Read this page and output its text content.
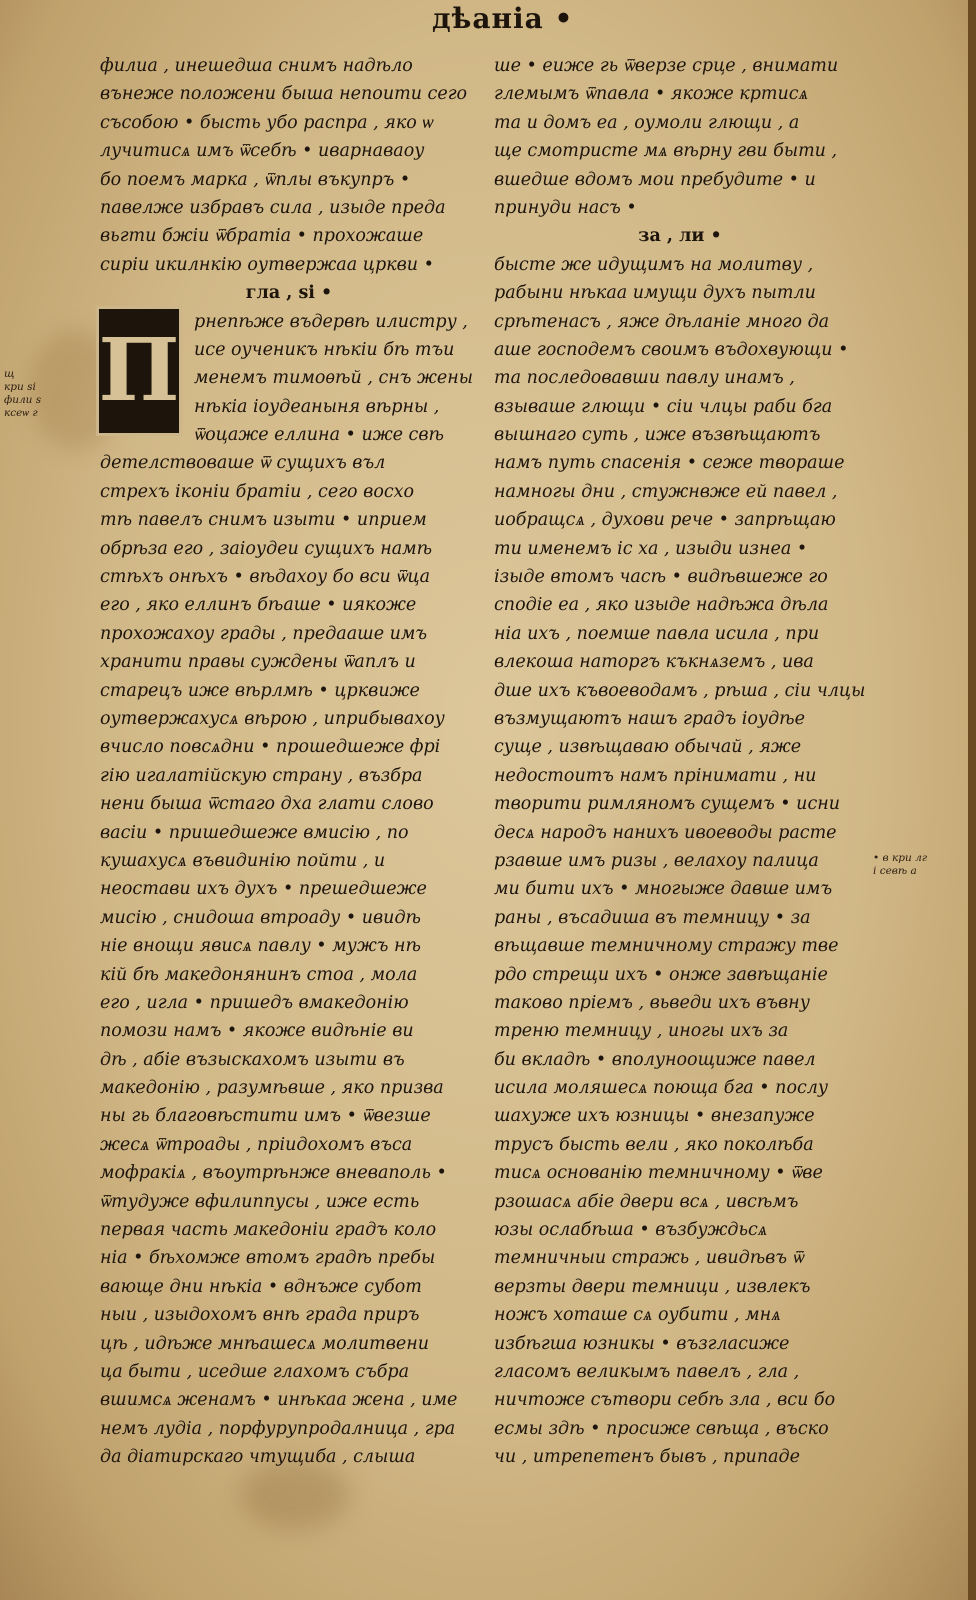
дѣаніа •
щ
кри ѕі
фили ѕ
ксеѡ г
• в кри лг
і севѣ а
П
филиа , инешедша снимъ надѣло
вънеже положени быша непоити сего
съсобою • бысть убо распра , яко ѡ
лучитисѧ имъ ѿсебѣ • иварнаваоу
бо поемъ марка , ѿплы въкупръ •
павелже избравъ сила , изыде преда
вьгти бжіи ѿбратіа • прохожаше
сиріи икилнкію оутвержаа цркви •
гла , ѕі •
рнепѣже въдервѣ илистру ,
исе оученикъ нѣкіи бѣ тъи
менемъ тимоѳѣй , снъ жены
нѣкіа іоудеаныня вѣрны ,
ѿоцаже еллина • иже свѣ
детелствоваше ѿ сущихъ въл
стрехъ іконіи братіи , сего восхо
тѣ павелъ снимъ изыти • иприем
обрѣза его , заіоудеи сущихъ намѣ
стѣхъ онѣхъ • вѣдахоу бо вси ѿца
его , яко еллинъ бѣаше • иякоже
прохожахоу грады , предааше имъ
хранити правы суждены ѿаплъ и
старецъ иже вѣрлмѣ • црквиже
оутвержахусѧ вѣрою , иприбывахоу
вчисло повсѧдни • прошедшеже фрі
гію игалатійскую страну , възбра
нени быша ѿстаго дха глати слово
васіи • пришедшеже вмисію , по
кушахусѧ въвидинію пойти , и
неостави ихъ духъ • прешедшеже
мисію , снидоша втроаду • ивидѣ
ніе внощи явисѧ павлу • мужъ нѣ
кій бѣ македонянинъ стоа , мола
его , игла • пришедъ вмакедонію
помози намъ • якоже видѣніе ви
дѣ , абіе възыскахомъ изыти въ
македонію , разумѣвше , яко призва
ны гь благовѣстити имъ • ѿвезше
жесѧ ѿтроады , пріидохомъ въса
мофракіѧ , въоутрѣнже вневаполь •
ѿтудуже вфилиппусы , иже есть
первая часть македоніи градъ коло
ніа • бѣхомже втомъ градѣ пребы
вающе дни нѣкіа • вднъже субот
ныи , изыдохомъ внѣ града приръ
цѣ , идѣже мнѣашесѧ молитвени
ца быти , иседше глахомъ събра
вшимсѧ женамъ • инѣкаа жена , име
немъ лудіа , порфурупродалница , гра
да діатирскаго чтущиба , слыша
ше • еиже гь ѿверзе срце , внимати
глемымъ ѿпавла • якоже кртисѧ
та и домъ еа , оумоли глющи , а
ще смотристе мѧ вѣрну гви быти ,
вшедше вдомъ мои пребудите • и
принуди насъ •
за , ли •
бысте же идущимъ на молитву ,
рабыни нѣкаа имущи духъ пытли
срѣтенасъ , яже дѣланіе много да
аше господемъ своимъ въдохвующи •
та последовавши павлу инамъ ,
взываше глющи • сіи члцы раби бга
вышнаго суть , иже възвѣщаютъ
намъ путь спасенія • сеже твораше
намногы дни , стужнвже ей павел ,
иобращсѧ , духови рече • запрѣщаю
ти именемъ іс ха , изыди изнеа •
ізыде втомъ часѣ • видѣвшеже го
сподіе еа , яко изыде надѣжа дѣла
ніа ихъ , поемше павла исила , при
влекоша наторгъ къкнѧземъ , ива
дше ихъ къвоеводамъ , рѣша , сіи члцы
възмущаютъ нашъ градъ іоудѣе
суще , извѣщаваю обычай , яже
недостоитъ намъ прінимати , ни
творити римляномъ сущемъ • исни
десѧ народъ нанихъ ивоеводы расте
рзавше имъ ризы , велахоу палица
ми бити ихъ • многыже давше имъ
раны , въсадиша въ темницу • за
вѣщавше темничному стражу тве
рдо стрещи ихъ • онже завѣщаніе
таково пріемъ , вьведи ихъ въвну
треню темницу , иногы ихъ за
би вкладѣ • вполуноощиже павел
исила моляшесѧ поюща бга • послу
шахуже ихъ юзницы • внезапуже
трусъ бысть вели , яко поколѣба
тисѧ основанію темничному • ѿве
рзошасѧ абіе двери всѧ , ивсѣмъ
юзы ослабѣша • възбуждьсѧ
темничныи стражь , ивидѣвъ ѿ
верзты двери темници , извлекъ
ножъ хоташе сѧ оубити , мнѧ
избѣгша юзникы • възгласиже
гласомъ великымъ павелъ , гла ,
ничтоже сътвори себѣ зла , вси бо
есмы здѣ • просиже свѣща , въско
чи , итрепетенъ бывъ , припаде
